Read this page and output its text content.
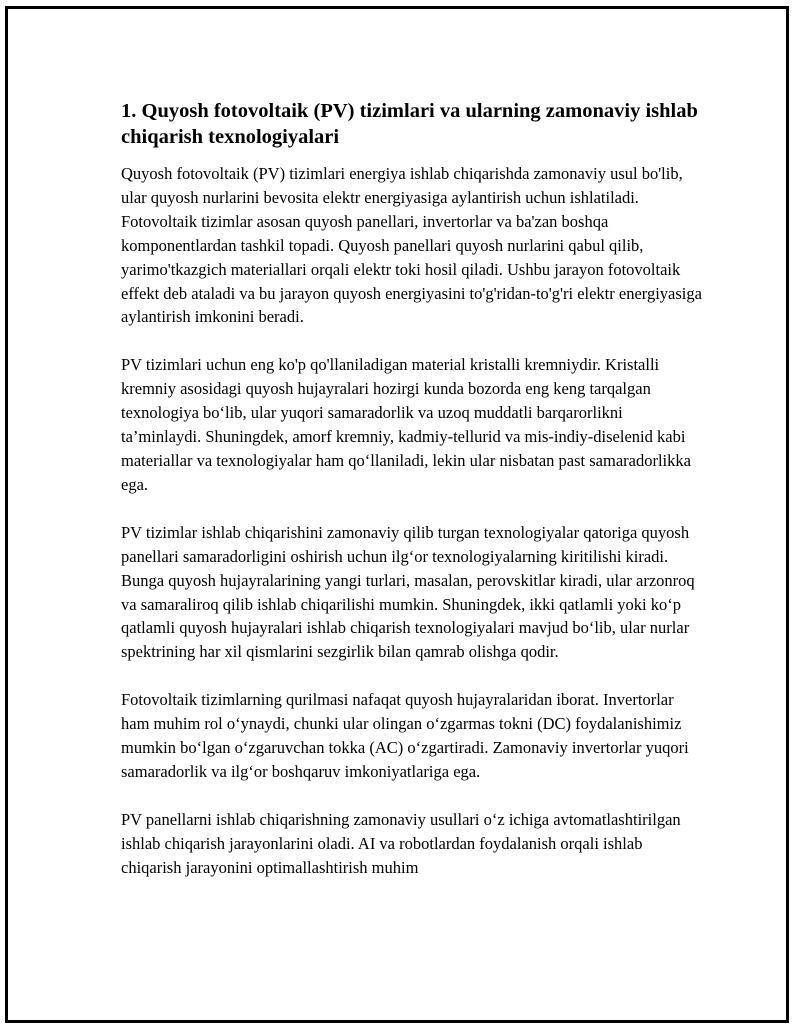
1. Quyosh fotovoltaik (PV) tizimlari va ularning zamonaviy ishlab chiqarish texnologiyalari

Quyosh fotovoltaik (PV) tizimlari energiya ishlab chiqarishda zamonaviy usul bo'lib, ular quyosh nurlarini bevosita elektr energiyasiga aylantirish uchun ishlatiladi. Fotovoltaik tizimlar asosan quyosh panellari, invertorlar va ba'zan boshqa komponentlardan tashkil topadi. Quyosh panellari quyosh nurlarini qabul qilib, yarimo'tkazgich materiallari orqali elektr toki hosil qiladi. Ushbu jarayon fotovoltaik effekt deb ataladi va bu jarayon quyosh energiyasini to'g'ridan-to'g'ri elektr energiyasiga aylantirish imkonini beradi.

PV tizimlari uchun eng ko'p qo'llaniladigan material kristalli kremniydir. Kristalli kremniy asosidagi quyosh hujayralari hozirgi kunda bozorda eng keng tarqalgan texnologiya bo‘lib, ular yuqori samaradorlik va uzoq muddatli barqarorlikni ta’minlaydi. Shuningdek, amorf kremniy, kadmiy-tellurid va mis-indiy-diselenid kabi materiallar va texnologiyalar ham qo‘llaniladi, lekin ular nisbatan past samaradorlikka ega.

PV tizimlar ishlab chiqarishini zamonaviy qilib turgan texnologiyalar qatoriga quyosh panellari samaradorligini oshirish uchun ilg‘or texnologiyalarning kiritilishi kiradi. Bunga quyosh hujayralarining yangi turlari, masalan, perovskitlar kiradi, ular arzonroq va samaraliroq qilib ishlab chiqarilishi mumkin. Shuningdek, ikki qatlamli yoki ko‘p qatlamli quyosh hujayralari ishlab chiqarish texnologiyalari mavjud bo‘lib, ular nurlar spektrining har xil qismlarini sezgirlik bilan qamrab olishga qodir.

Fotovoltaik tizimlarning qurilmasi nafaqat quyosh hujayralaridan iborat. Invertorlar ham muhim rol o‘ynaydi, chunki ular olingan o‘zgarmas tokni (DC) foydalanishimiz mumkin bo‘lgan o‘zgaruvchan tokka (AC) o‘zgartiradi. Zamonaviy invertorlar yuqori samaradorlik va ilg‘or boshqaruv imkoniyatlariga ega.

PV panellarni ishlab chiqarishning zamonaviy usullari o‘z ichiga avtomatlashtirilgan ishlab chiqarish jarayonlarini oladi. AI va robotlardan foydalanish orqali ishlab chiqarish jarayonini optimallashtirish muhim
